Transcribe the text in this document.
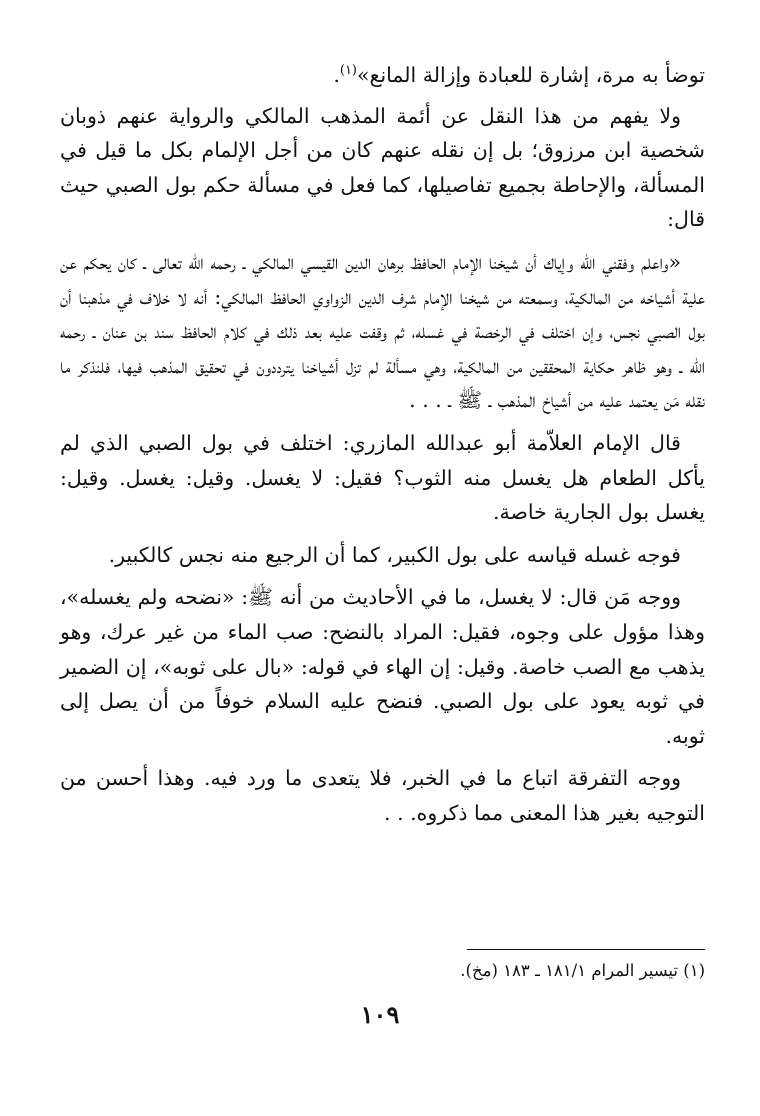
توضأ به مرة، إشارة للعبادة وإزالة المانع»$^{(١)}$.

ولا يفهم من هذا النقل عن أئمة المذهب المالكي والرواية عنهم ذوبان شخصية ابن مرزوق؛ بل إن نقله عنهم كان من أجل الإلمام بكل ما قيل في المسألة، والإحاطة بجميع تفاصيلها، كما فعل في مسألة حكم بول الصبي حيث قال:

«واعلم وفقني الله وإياك أن شيخنا الإمام الحافظ برهان الدين القيسي المالكي ـ رحمه الله تعالى ـ كان يحكم عن علية أشياخه من المالكية، وسمعته من شيخنا الإمام شرف الدين الزواوي الحافظ المالكي: أنه لا خلاف في مذهبنا أن بول الصبي نجس، وإن اختلف في الرخصة في غسله، ثم وقفت عليه بعد ذلك في كلام الحافظ سند بن عنان ـ رحمه الله ـ وهو ظاهر حكاية المحققين من المالكية، وهي مسألة لم تزل أشياخنا يترددون في تحقيق المذهب فيها، فلنذكر ما نقله مَن يعتمد عليه من أشياخ المذهب ـ ﷺ ـ . . .

قال الإمام العلاّمة أبو عبدالله المازري: اختلف في بول الصبي الذي لم يأكل الطعام هل يغسل منه الثوب؟ فقيل: لا يغسل. وقيل: يغسل. وقيل: يغسل بول الجارية خاصة.

فوجه غسله قياسه على بول الكبير، كما أن الرجيع منه نجس كالكبير.

ووجه مَن قال: لا يغسل، ما في الأحاديث من أنه ﷺ: «نضحه ولم يغسله»، وهذا مؤول على وجوه، فقيل: المراد بالنضح: صب الماء من غير عرك، وهو يذهب مع الصب خاصة. وقيل: إن الهاء في قوله: «بال على ثوبه»، إن الضمير في ثوبه يعود على بول الصبي. فنضح عليه السلام خوفاً من أن يصل إلى ثوبه.

ووجه التفرقة اتباع ما في الخبر، فلا يتعدى ما ورد فيه. وهذا أحسن من التوجيه بغير هذا المعنى مما ذكروه. . .

(١) تيسير المرام ١٨١/١ ـ ١٨٣ (مخ).
١٠٩
